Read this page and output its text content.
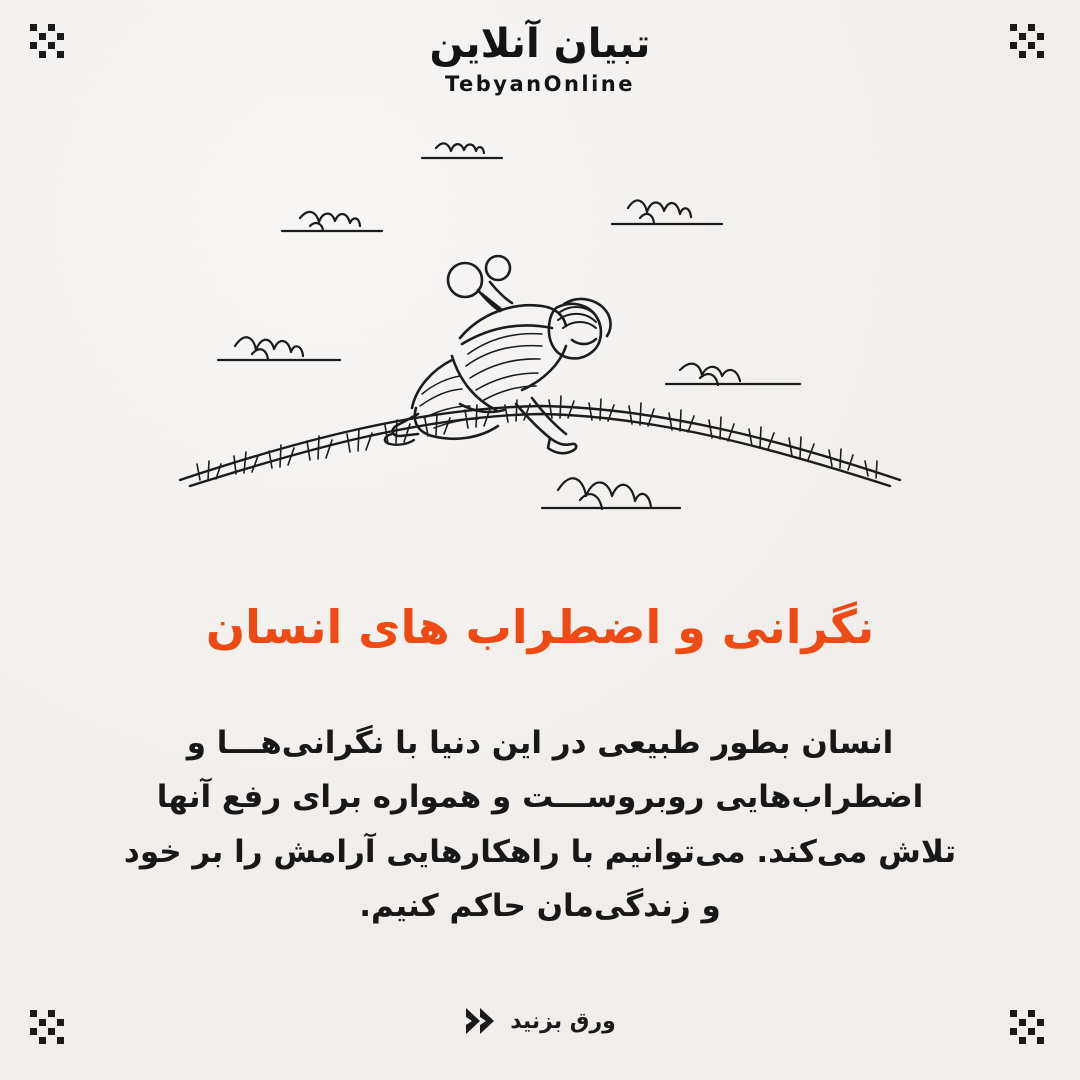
تبیان آنلاین
TebyanOnline
نگرانی و اضطراب های انسان
انسان بطور طبیعی در این دنیا با نگرانی‌هـــا و اضطراب‌هایی روبروســـت و همواره برای رفع آنها تلاش می‌کند. می‌توانیم با راهکارهایی آرامش را بر خود و زندگی‌مان حاکم کنیم.
ورق بزنید
